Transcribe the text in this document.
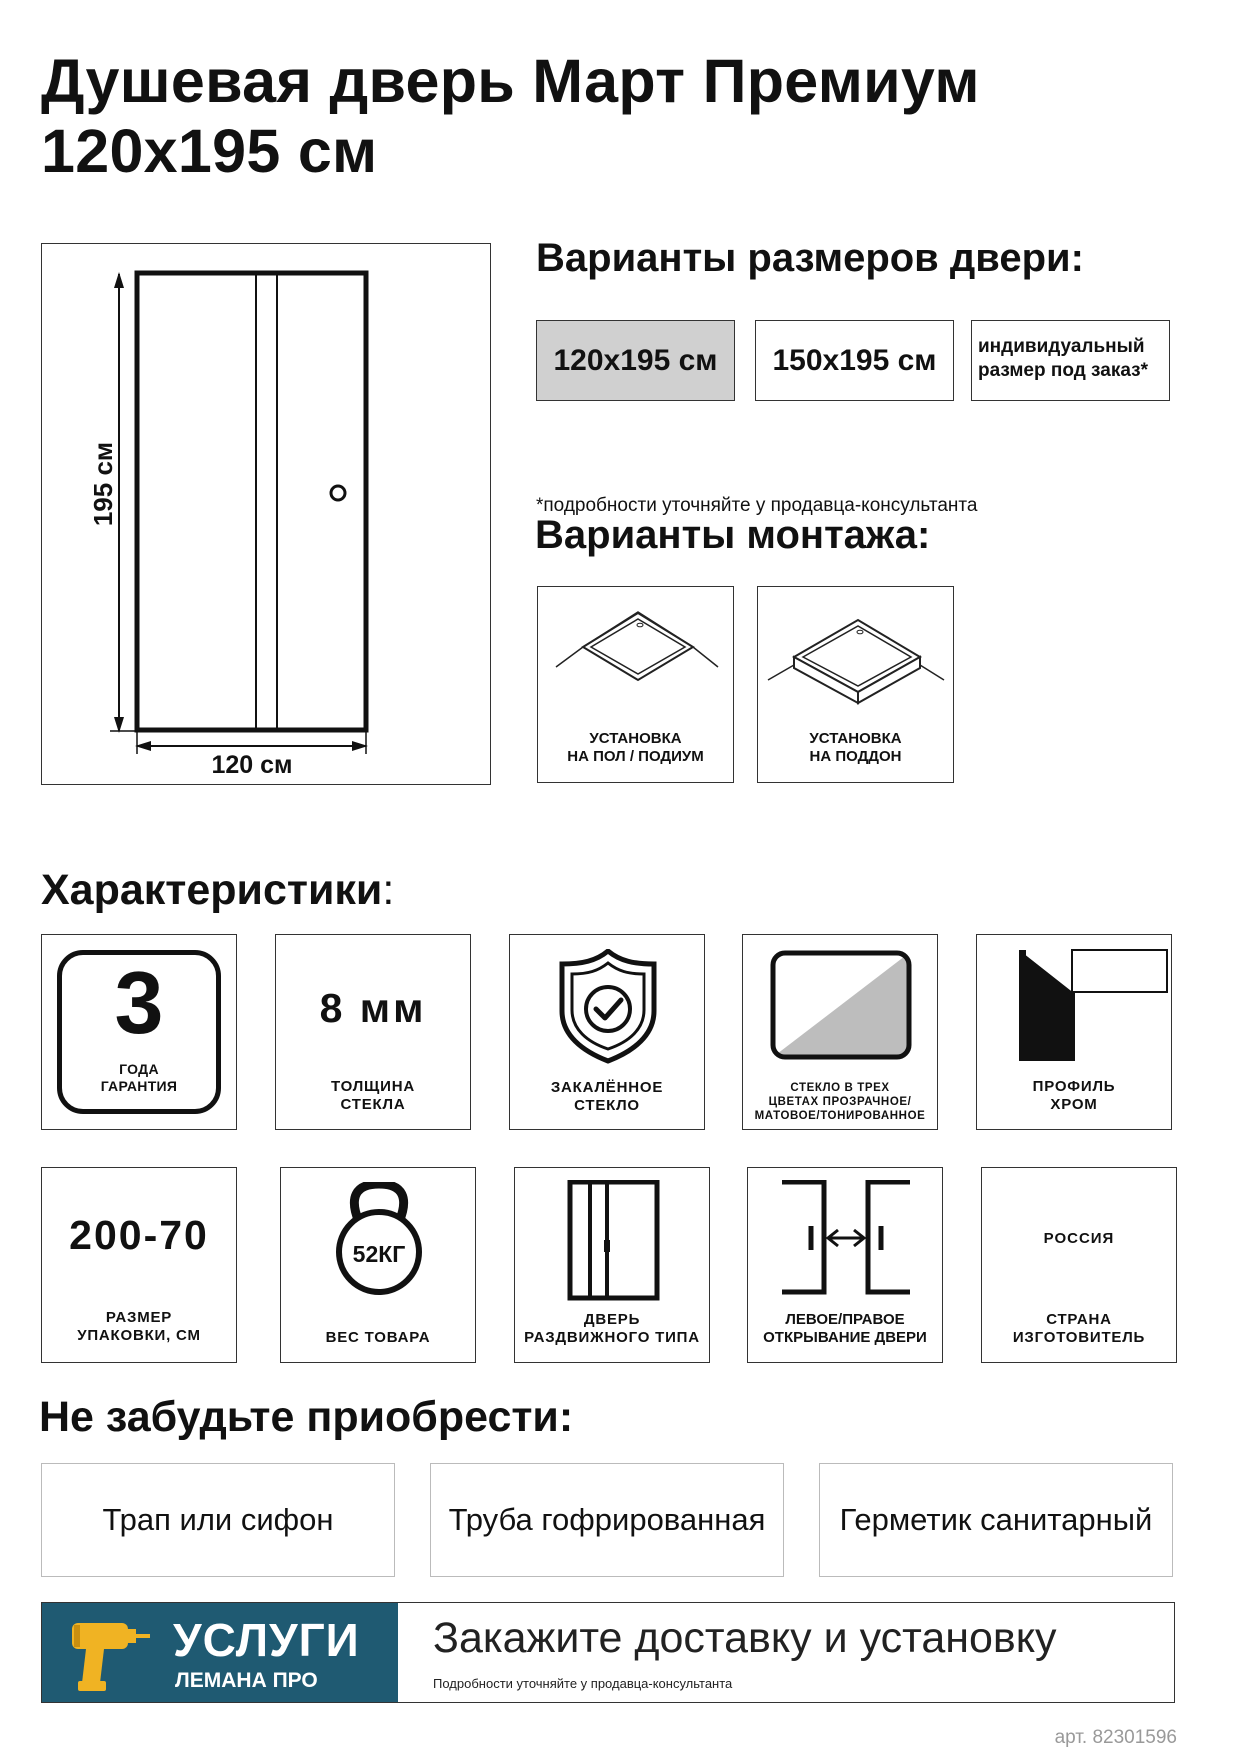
Душевая дверь Март Премиум
120x195 см
195 см
120 см
Варианты размеров двери:
120x195 см 150x195 см индивидуальный
размер под заказ*
*подробности уточняйте у продавца-консультанта
Варианты монтажа:
УСТАНОВКА
НА ПОЛ / ПОДИУМ
УСТАНОВКА
НА ПОДДОН
Характеристики:
3
ГОДА
ГАРАНТИЯ
8 мм
ТОЛЩИНА
СТЕКЛА
ЗАКАЛЁННОЕ
СТЕКЛО
СТЕКЛО В ТРЕХ
ЦВЕТАХ ПРОЗРАЧНОЕ/
МАТОВОЕ/ТОНИРОВАННОЕ
ПРОФИЛЬ
ХРОМ
200-70
РАЗМЕР
УПАКОВКИ, СМ
52КГ
ВЕС ТОВАРА
ДВЕРЬ
РАЗДВИЖНОГО ТИПА
ЛЕВОЕ/ПРАВОЕ
ОТКРЫВАНИЕ ДВЕРИ
РОССИЯ
СТРАНА
ИЗГОТОВИТЕЛЬ
Не забудьте приобрести:
Трап или сифон	Труба гофрированная Герметик санитарный
УСЛУГИ
ЛЕМАНА ПРО
Закажите доставку и установку
Подробности уточняйте у продавца-консультанта
арт. 82301596
